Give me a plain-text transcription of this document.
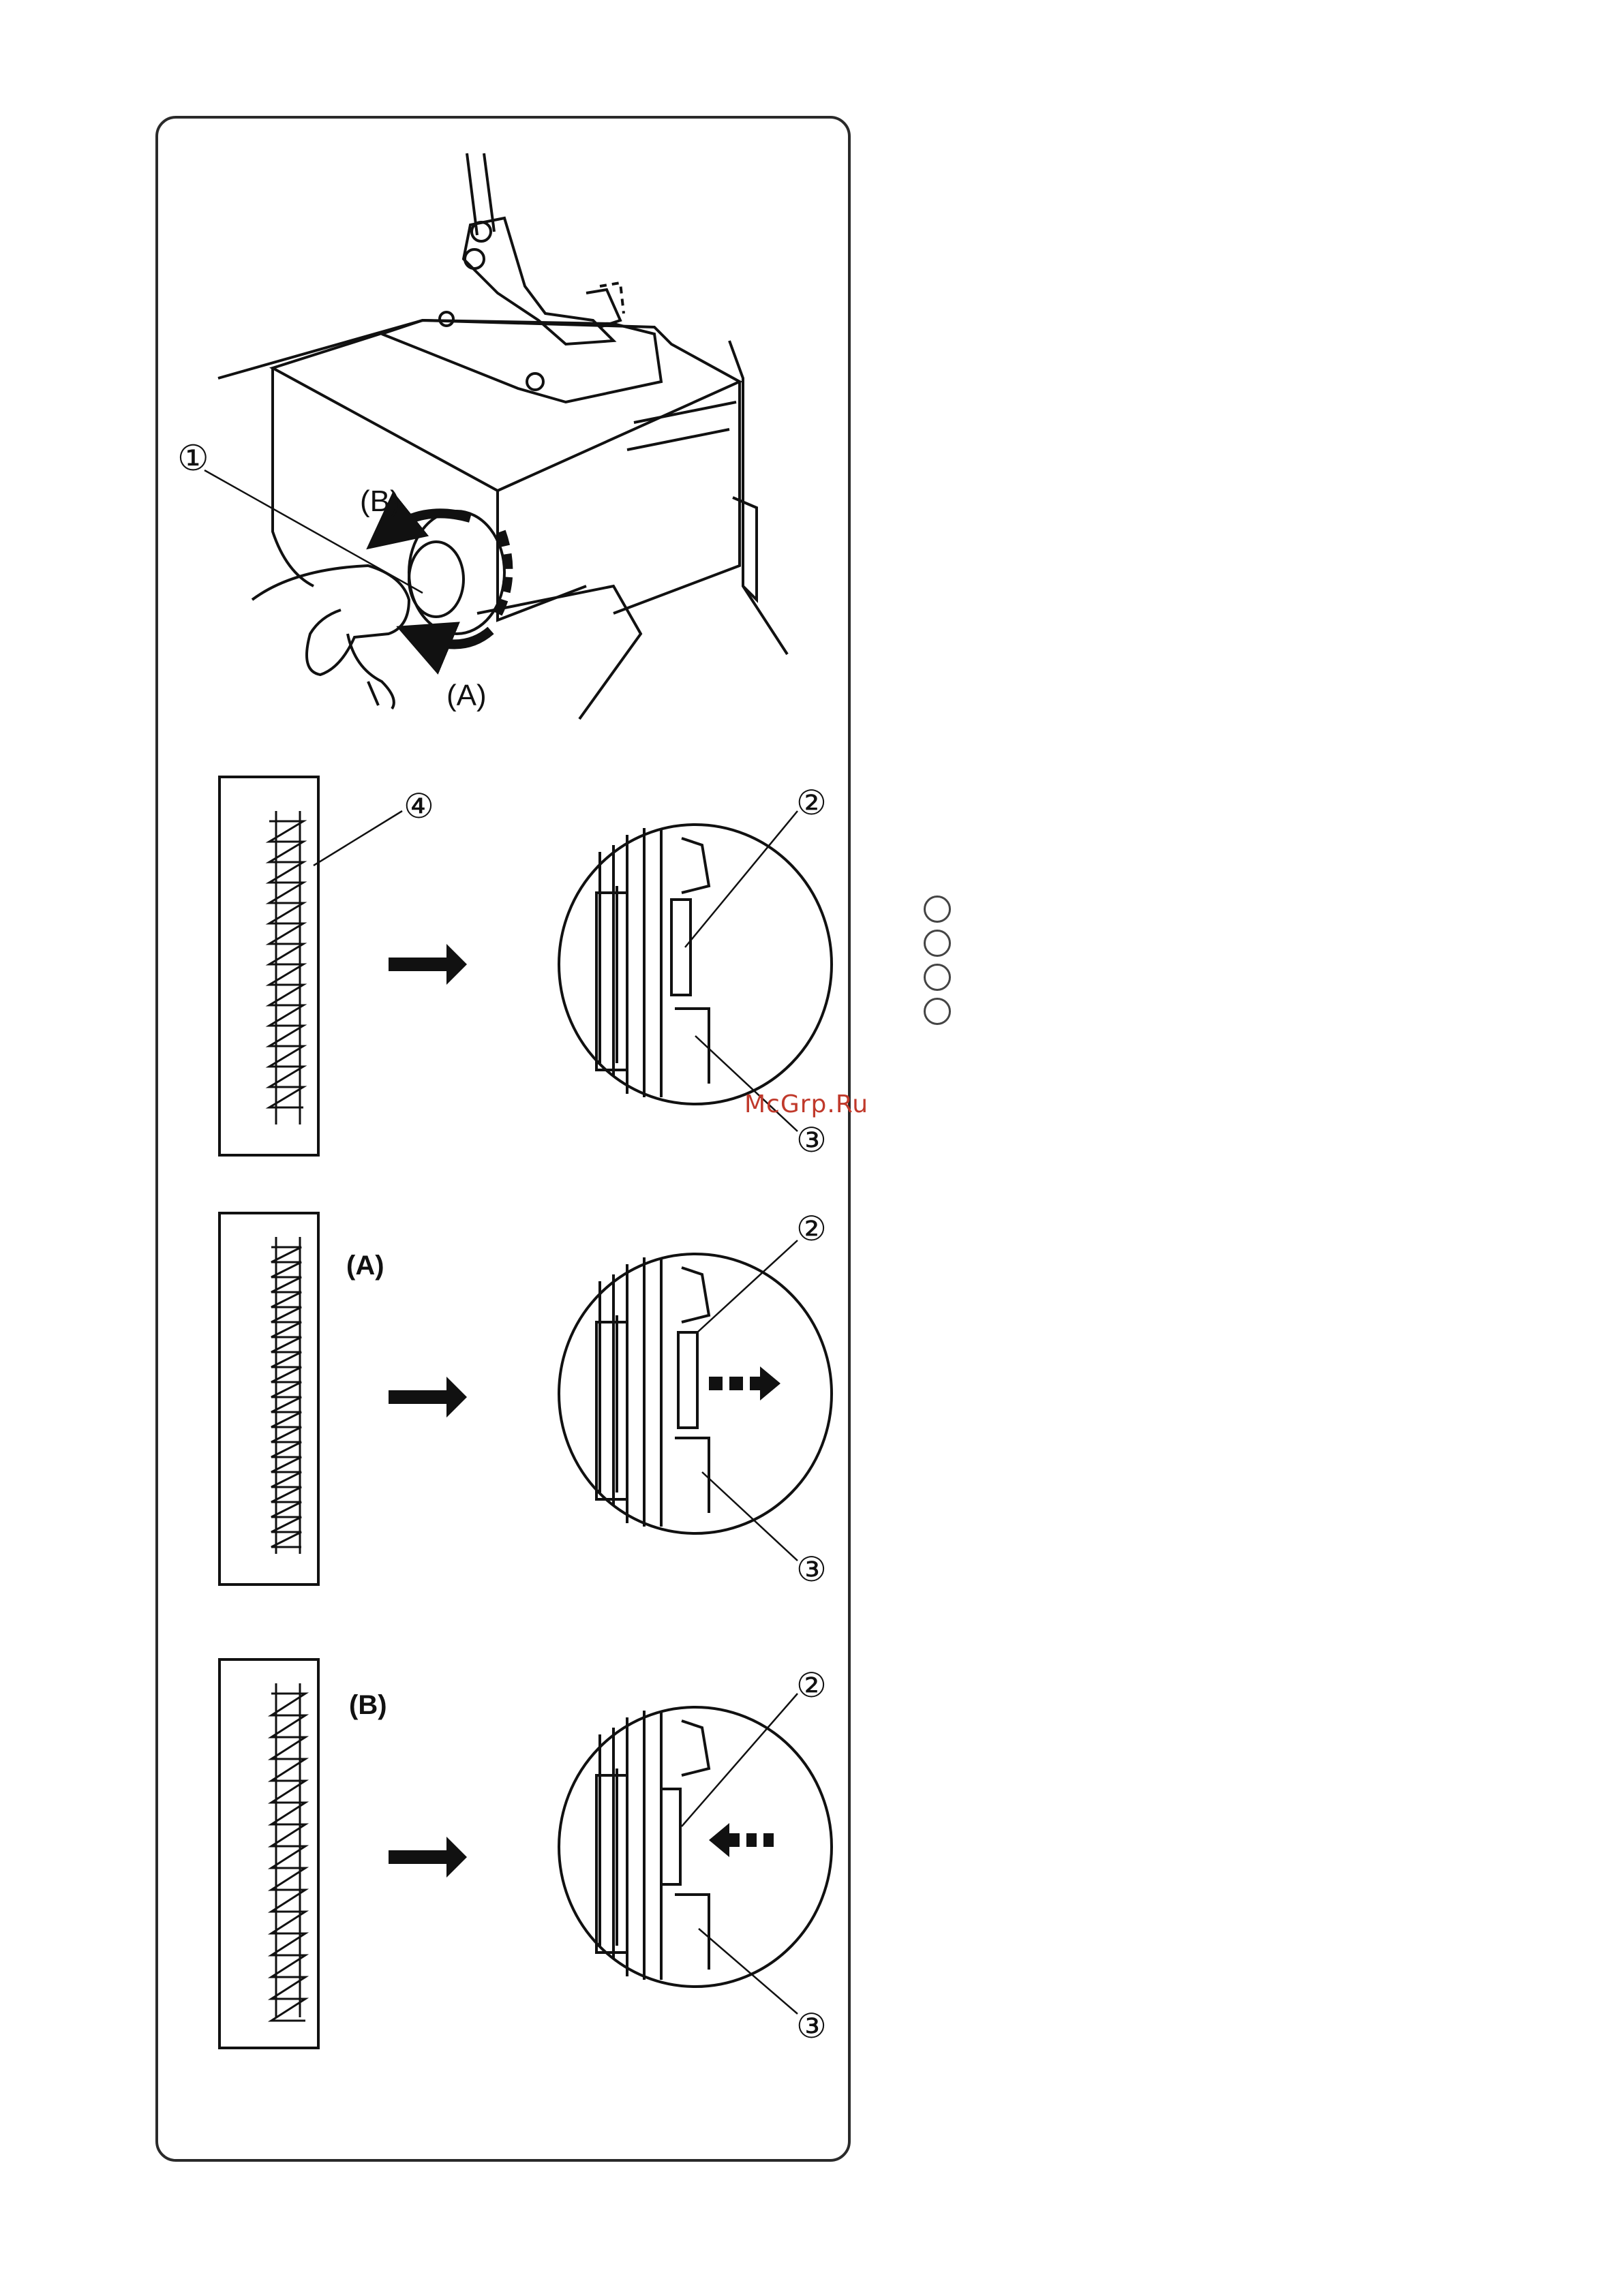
①
(B)
(A)
④	②
③
(A)
②
③
(B)
②
③
McGrp.Ru
